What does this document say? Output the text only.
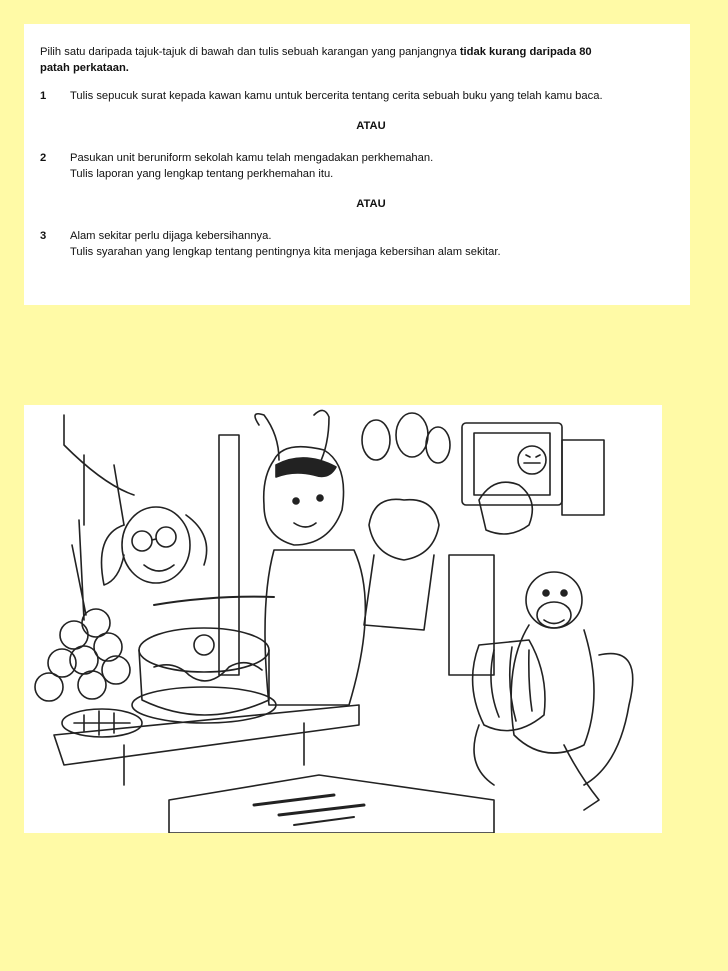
Pilih satu daripada tajuk-tajuk di bawah dan tulis sebuah karangan yang panjangnya tidak kurang daripada 80
patah perkataan.

1	Tulis sepucuk surat kepada kawan kamu untuk bercerita tentang cerita sebuah buku yang telah kamu baca.
ATAU
2	Pasukan unit beruniform sekolah kamu telah mengadakan perkhemahan.
Tulis laporan yang lengkap tentang perkhemahan itu.
ATAU
3	Alam sekitar perlu dijaga kebersihannya.
Tulis syarahan yang lengkap tentang pentingnya kita menjaga kebersihan alam sekitar.
